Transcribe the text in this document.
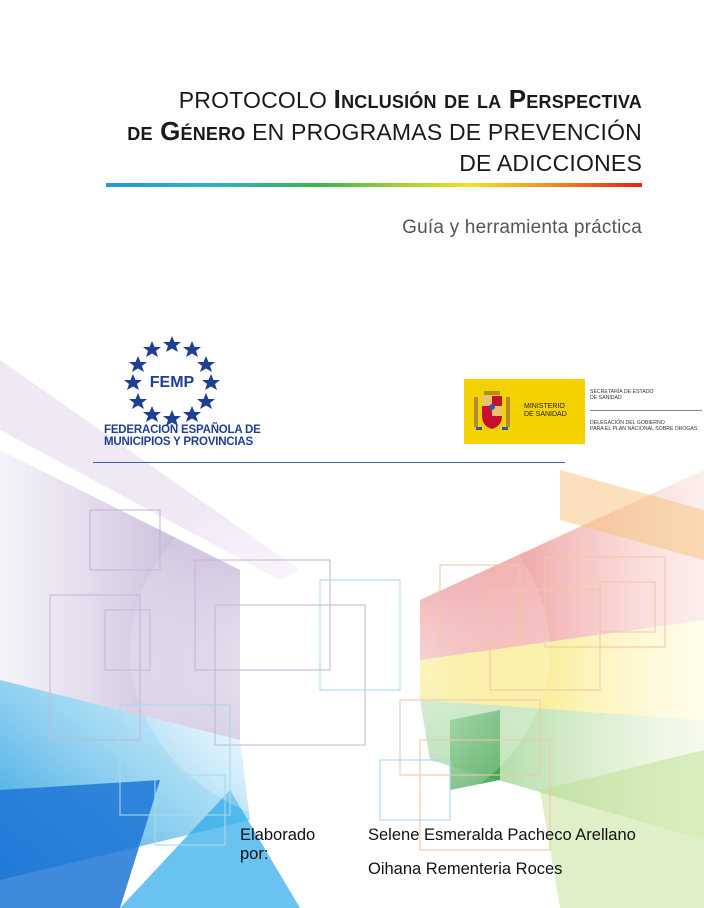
PROTOCOLO Inclusión de la Perspectiva
de Género EN PROGRAMAS DE PREVENCIÓN
DE ADICCIONES
Guía y herramienta práctica
FEMP
FEDERACION ESPAÑOLA DE
MUNICIPIOS Y PROVINCIAS
MINISTERIO
DE SANIDAD
SECRETARÍA DE ESTADO
DE SANIDAD
DELEGACIÓN DEL GOBIERNO
PARA EL PLAN NACIONAL SOBRE DROGAS
Elaborado por:
Selene Esmeralda Pacheco Arellano
Oihana Rementeria Roces
